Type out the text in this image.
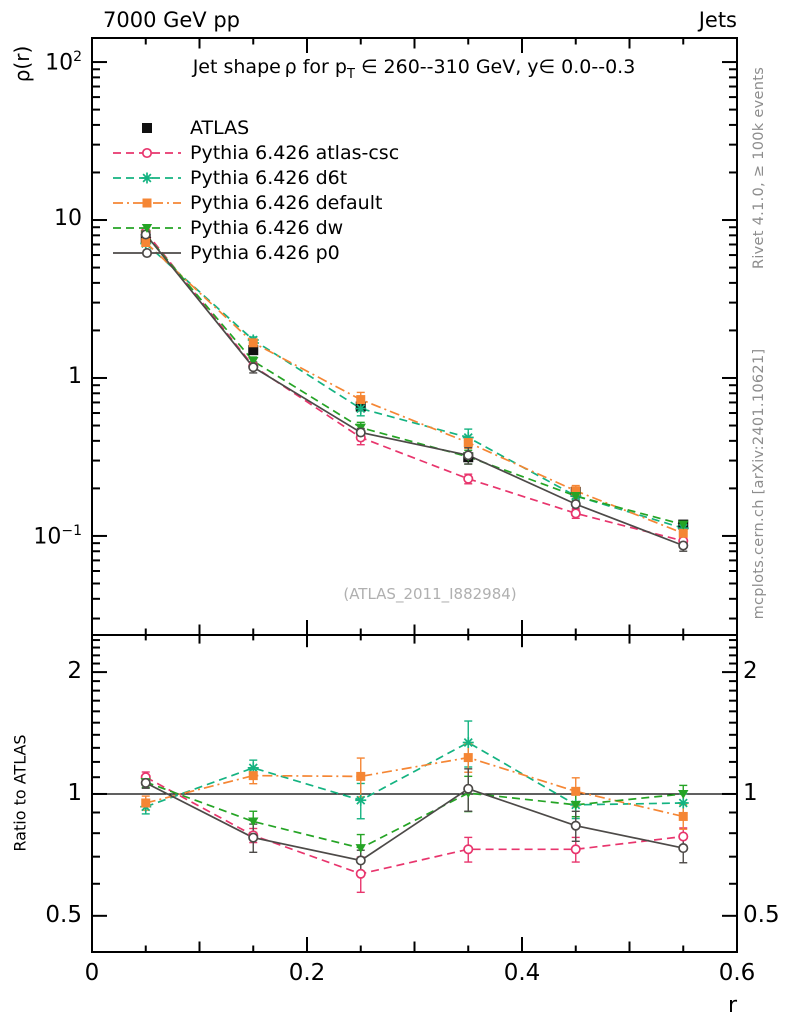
ATLAS
Pythia 6.426 atlas-csc
Pythia 6.426 d6t
Pythia 6.426 default
Pythia 6.426 dw
Pythia 6.426 p0
0	0.2	0.4	0.6
$10^2$
10
1
$10^{-1}$
2	2
1	1
0.5	0.5
7000 GeV pp	Jets
Jet shape ρ for $p_T$ ∈ 260--310 GeV, y∈ 0.0--0.3
ρ(r)
Ratio to ATLAS
Rivet 4.1.0, ≥ 100k events
mcplots.cern.ch [arXiv:2401.10621]
(ATLAS_2011_I882984)
r
